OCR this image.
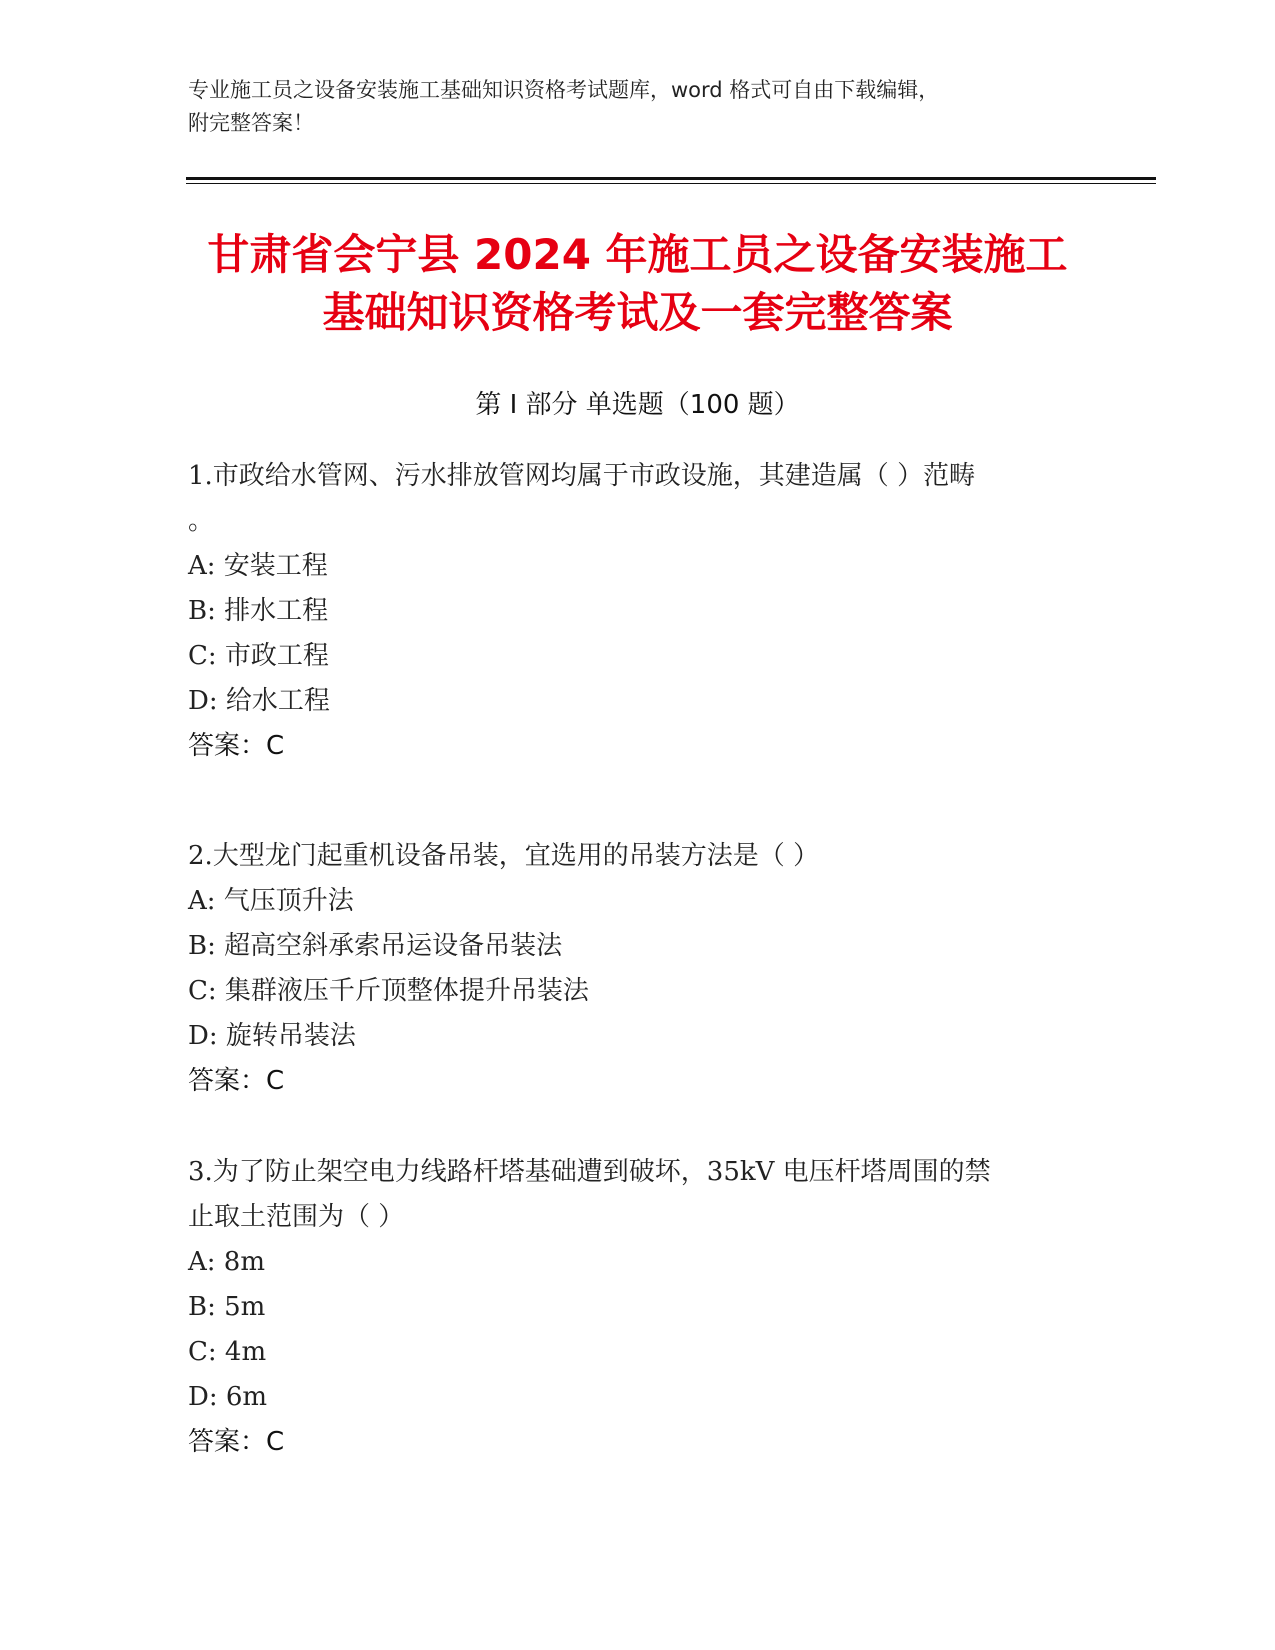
专业施工员之设备安装施工基础知识资格考试题库，word 格式可自由下载编辑，
附完整答案！
甘肃省会宁县 2024 年施工员之设备安装施工
基础知识资格考试及一套完整答案
第 I 部分 单选题（100 题）

1.市政给水管网、污水排放管网均属于市政设施，其建造属（ ）范畴

。

A: 安装工程

B: 排水工程

C: 市政工程

D: 给水工程

答案：C

2.大型龙门起重机设备吊装，宜选用的吊装方法是（ ）

A: 气压顶升法

B: 超高空斜承索吊运设备吊装法

C: 集群液压千斤顶整体提升吊装法

D: 旋转吊装法

答案：C

3.为了防止架空电力线路杆塔基础遭到破坏，35kV 电压杆塔周围的禁

止取土范围为（ ）

A: 8m

B: 5m

C: 4m

D: 6m

答案：C
